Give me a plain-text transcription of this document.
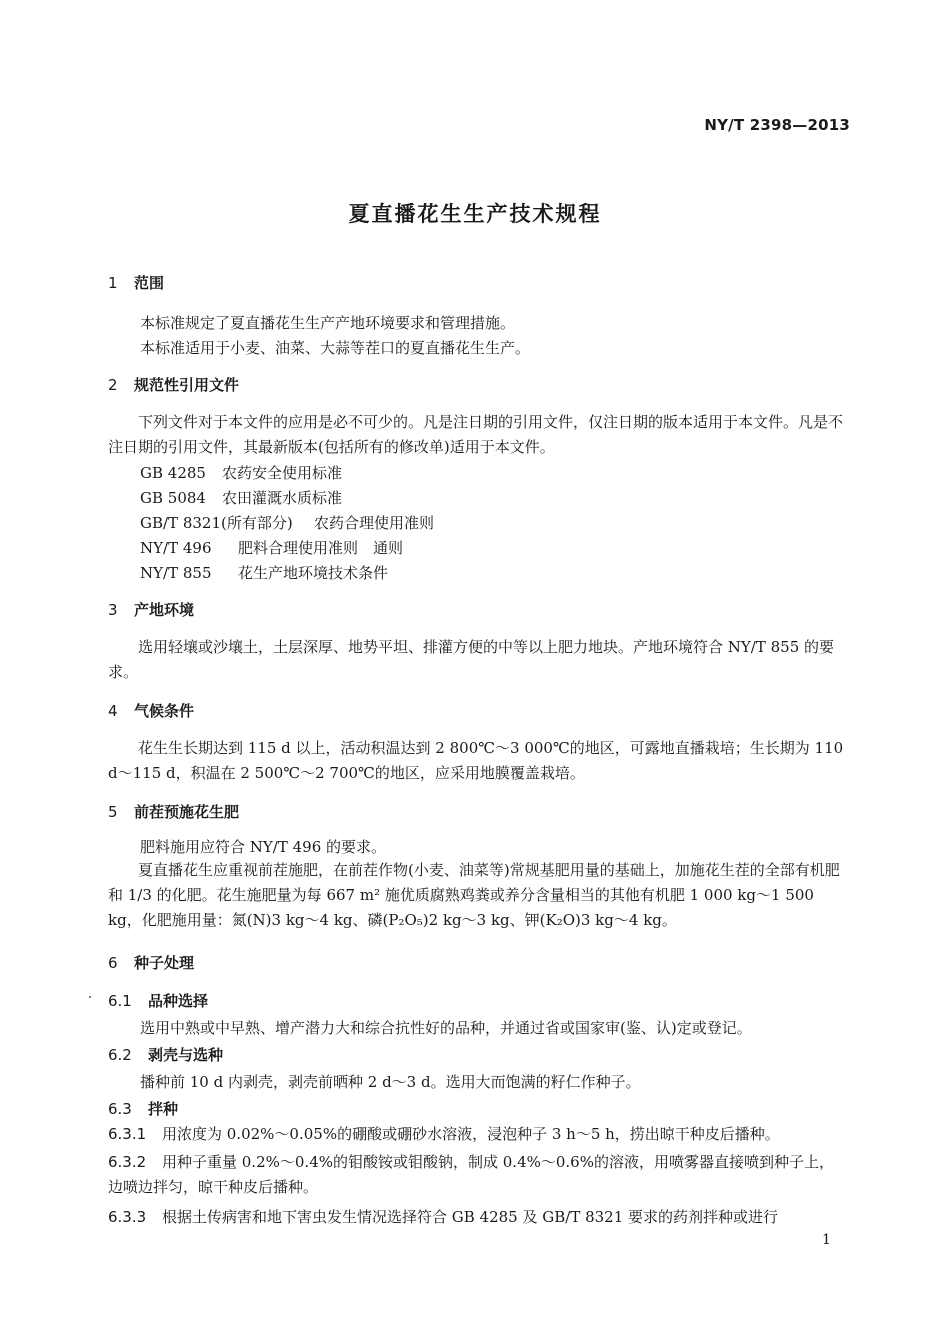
NY/T 2398—2013
夏直播花生生产技术规程
1 范围
本标准规定了夏直播花生生产产地环境要求和管理措施。
本标准适用于小麦、油菜、大蒜等茬口的夏直播花生生产。
2 规范性引用文件
下列文件对于本文件的应用是必不可少的。凡是注日期的引用文件，仅注日期的版本适用于本文件。凡是不注日期的引用文件，其最新版本(包括所有的修改单)适用于本文件。
GB 4285 农药安全使用标准
GB 5084 农田灌溉水质标准
GB/T 8321(所有部分) 农药合理使用准则
NY/T 496 肥料合理使用准则　通则
NY/T 855 花生产地环境技术条件
3 产地环境
选用轻壤或沙壤土，土层深厚、地势平坦、排灌方便的中等以上肥力地块。产地环境符合 NY/T 855 的要求。
4 气候条件
花生生长期达到 115 d 以上，活动积温达到 2 800℃～3 000℃的地区，可露地直播栽培；生长期为 110 d～115 d，积温在 2 500℃～2 700℃的地区，应采用地膜覆盖栽培。
5 前茬预施花生肥
肥料施用应符合 NY/T 496 的要求。
夏直播花生应重视前茬施肥，在前茬作物(小麦、油菜等)常规基肥用量的基础上，加施花生茬的全部有机肥和 1/3 的化肥。花生施肥量为每 667 m² 施优质腐熟鸡粪或养分含量相当的其他有机肥 1 000 kg～1 500 kg，化肥施用量：氮(N)3 kg～4 kg、磷(P₂O₅)2 kg～3 kg、钾(K₂O)3 kg～4 kg。
6 种子处理
6.1 品种选择
选用中熟或中早熟、增产潜力大和综合抗性好的品种，并通过省或国家审(鉴、认)定或登记。
6.2 剥壳与选种
播种前 10 d 内剥壳，剥壳前晒种 2 d～3 d。选用大而饱满的籽仁作种子。
6.3 拌种
6.3.1 用浓度为 0.02%～0.05%的硼酸或硼砂水溶液，浸泡种子 3 h～5 h，捞出晾干种皮后播种。
6.3.2 用种子重量 0.2%～0.4%的钼酸铵或钼酸钠，制成 0.4%～0.6%的溶液，用喷雾器直接喷到种子上，边喷边拌匀，晾干种皮后播种。
6.3.3 根据土传病害和地下害虫发生情况选择符合 GB 4285 及 GB/T 8321 要求的药剂拌种或进行
1
